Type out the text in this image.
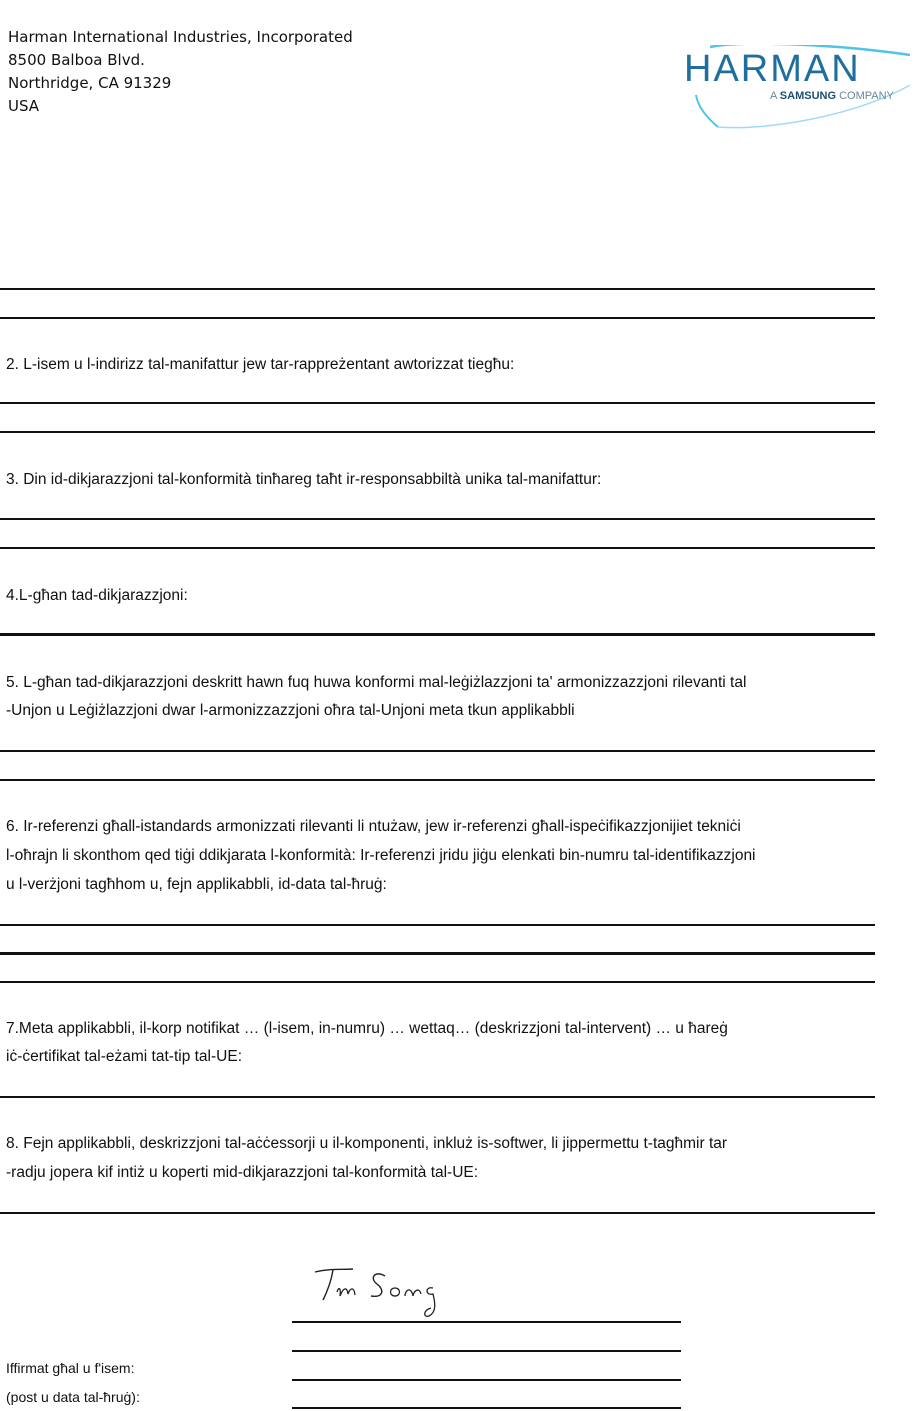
Harman International Industries, Incorporated
8500 Balboa Blvd.
Northridge, CA 91329
USA
HARMAN
A SAMSUNG COMPANY
2. L-isem u l-indirizz tal-manifattur jew tar-rappreżentant awtorizzat tiegħu:
3. Din id-dikjarazzjoni tal-konformità tinħareg taħt ir-responsabbiltà unika tal-manifattur:
4.L-għan tad-dikjarazzjoni:
5. L-għan tad-dikjarazzjoni deskritt hawn fuq huwa konformi mal-leġiżlazzjoni ta' armonizzazzjoni rilevanti tal
-Unjon u Leġiżlazzjoni dwar l-armonizzazzjoni oħra tal-Unjoni meta tkun applikabbli
6. Ir-referenzi għall-istandards armonizzati rilevanti li ntużaw, jew ir-referenzi għall-ispeċifikazzjonijiet tekniċi
l-oħrajn li skonthom qed tiġi ddikjarata l-konformità: Ir-referenzi jridu jiġu elenkati bin-numru tal-identifikazzjoni
u l-verżjoni tagħhom u, fejn applikabbli, id-data tal-ħruġ:
7.Meta applikabbli, il-korp notifikat … (l-isem, in-numru) … wettaq… (deskrizzjoni tal-intervent) … u ħareġ
iċ-ċertifikat tal-eżami tat-tip tal-UE:
8. Fejn applikabbli, deskrizzjoni tal-aċċessorji u il-komponenti, inkluż is-softwer, li jippermettu t-tagħmir tar
-radju jopera kif intiż u koperti mid-dikjarazzjoni tal-konformità tal-UE:
Iffirmat għal u f'isem:
(post u data tal-ħruġ):
